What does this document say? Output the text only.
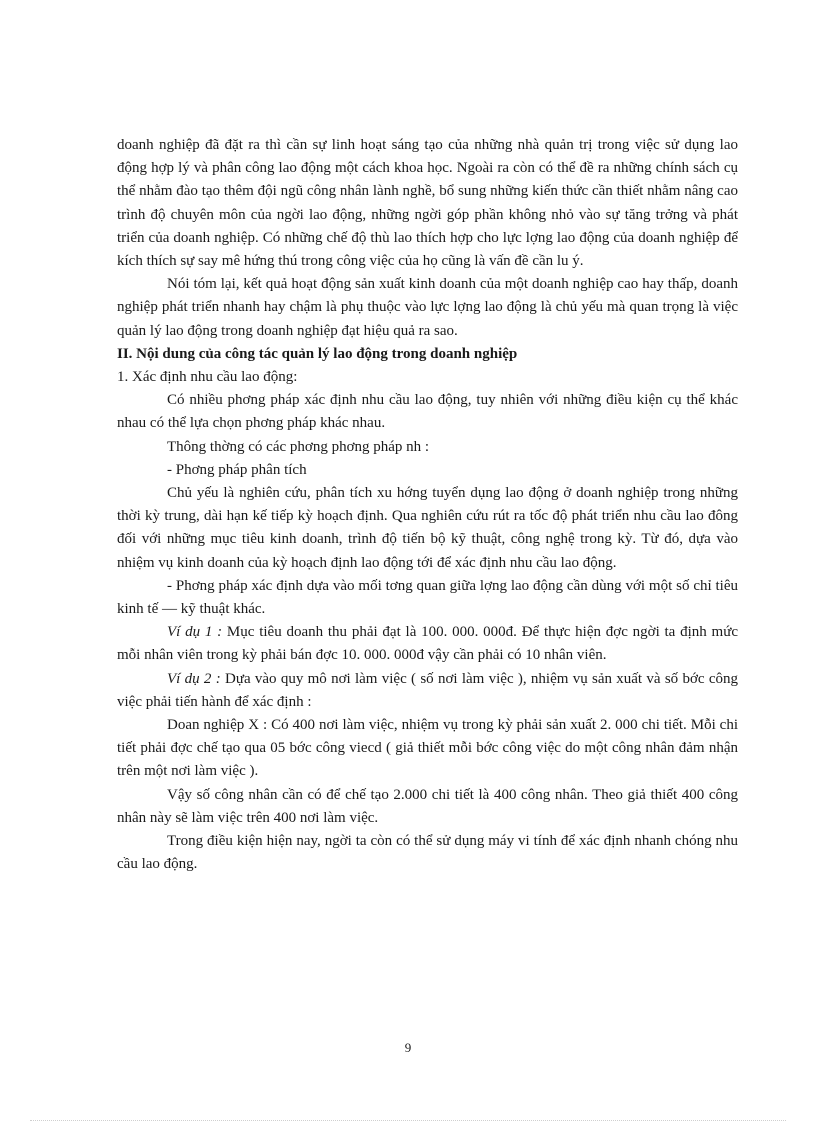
doanh nghiệp đã đặt ra thì cần sự linh hoạt sáng tạo của những nhà quản trị trong việc sử dụng lao động hợp lý và phân công lao động một cách khoa học. Ngoài ra còn có thể đề ra những chính sách cụ thể nhằm đào tạo thêm đội ngũ công nhân lành nghề, bổ sung những kiến thức cần thiết nhằm nâng cao trình độ chuyên môn của ngời lao động, những ngời góp phần không nhỏ vào sự tăng trởng và phát triển của doanh nghiệp. Có những chế độ thù lao thích hợp cho lực lợng lao động của doanh nghiệp để kích thích sự say mê hứng thú trong công việc của họ cũng là vấn đề cần lu ý.

Nói tóm lại, kết quả hoạt động sản xuất kinh doanh của một doanh nghiệp cao hay thấp, doanh nghiệp phát triển nhanh hay chậm là phụ thuộc vào lực lợng lao động là chủ yếu mà quan trọng là việc quản lý lao động trong doanh nghiệp đạt hiệu quả ra sao.

II. Nội dung của công tác quản lý lao động trong doanh nghiệp

1. Xác định nhu cầu lao động:

Có nhiều phơng pháp xác định nhu cầu lao động, tuy nhiên với những điều kiện cụ thể khác nhau có thể lựa chọn phơng pháp khác nhau.

Thông thờng có các phơng phơng pháp nh :

- Phơng pháp phân tích

Chủ yếu là nghiên cứu, phân tích xu hớng tuyển dụng lao động ở doanh nghiệp trong những thời kỳ trung, dài hạn kế tiếp kỳ hoạch định. Qua nghiên cứu rút ra tốc độ phát triển nhu cầu lao đông đối với những mục tiêu kinh doanh, trình độ tiến bộ kỹ thuật, công nghệ trong kỳ. Từ đó, dựa vào nhiệm vụ kinh doanh của kỳ hoạch định lao động tới để xác định nhu cầu lao động.

- Phơng pháp xác định dựa vào mối tơng quan giữa lợng lao động cần dùng với một số chỉ tiêu kinh tế — kỹ thuật khác.

Ví dụ 1 : Mục tiêu doanh thu phải đạt là 100. 000. 000đ. Để thực hiện đợc ngời ta định mức mỗi nhân viên trong kỳ phải bán đợc 10. 000. 000đ vậy cần phải có 10 nhân viên.

Ví dụ 2 : Dựa vào quy mô nơi làm việc ( số nơi làm việc ), nhiệm vụ sản xuất và số bớc công việc phải tiến hành để xác định :

Doan nghiệp X : Có 400 nơi làm việc, nhiệm vụ trong kỳ phải sản xuất 2. 000 chi tiết. Mỗi chi tiết phải đợc chế tạo qua 05 bớc công viecd ( giả thiết mỗi bớc công việc do một công nhân đảm nhận trên một nơi làm việc ).

Vậy số công nhân cần có để chế tạo 2.000 chi tiết là 400 công nhân. Theo giả thiết 400 công nhân này sẽ làm việc trên 400 nơi làm việc.

Trong điều kiện hiện nay, ngời ta còn có thể sử dụng máy vi tính để xác định nhanh chóng nhu cầu lao động.

9
